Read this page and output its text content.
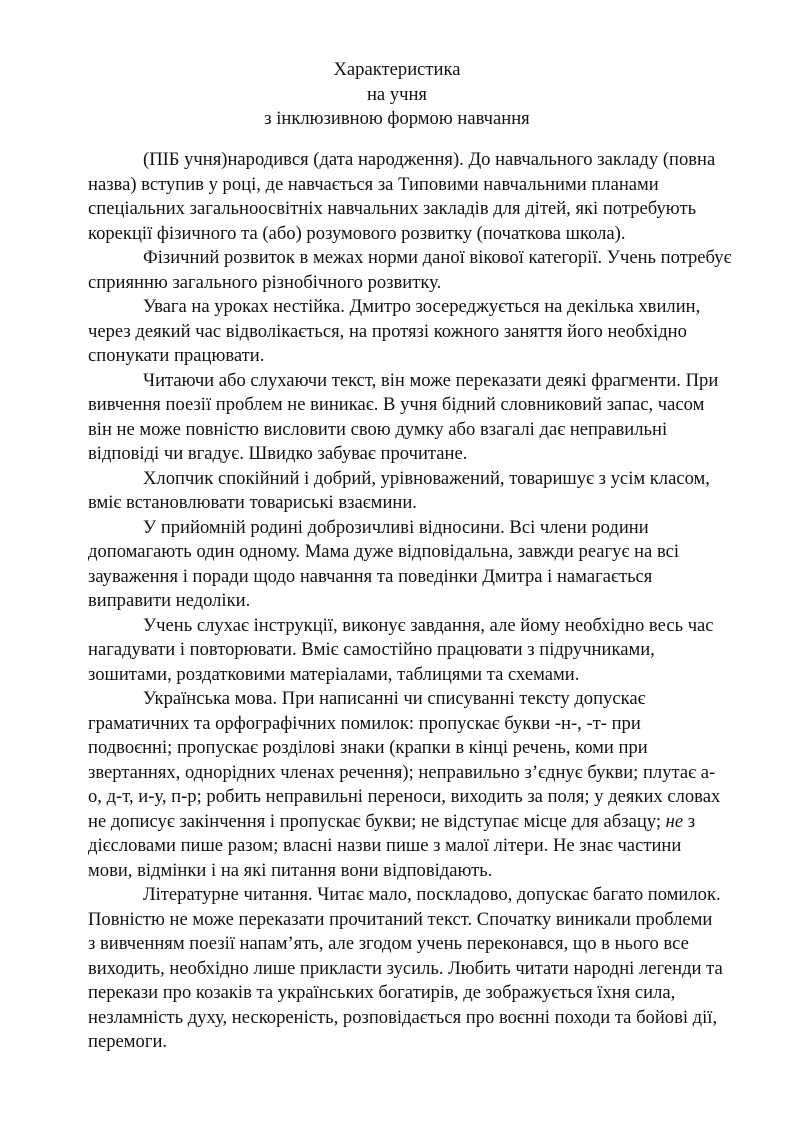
Характеристика
на учня
з інклюзивною формою навчання

(ПІБ учня)народився (дата народження). До навчального закладу (повна
назва) вступив у році, де навчається за Типовими навчальними планами
спеціальних загальноосвітніх навчальних закладів для дітей, які потребують
корекції фізичного та (або) розумового розвитку (початкова школа).

Фізичний розвиток в межах норми даної вікової категорії. Учень потребує
сприянню загального різнобічного розвитку.

Увага на уроках нестійка. Дмитро зосереджується на декілька хвилин,
через деякий час відволікається, на протязі кожного заняття його необхідно
спонукати працювати.

Читаючи або слухаючи текст, він може переказати деякі фрагменти. При
вивчення поезії проблем не виникає. В учня бідний словниковий запас, часом
він не може повністю висловити свою думку або взагалі дає неправильні
відповіді чи вгадує. Швидко забуває прочитане.

Хлопчик спокійний і добрий, урівноважений, товаришує з усім класом,
вміє встановлювати товариські взаємини.

У прийомній родині доброзичливі відносини. Всі члени родини
допомагають один одному. Мама дуже відповідальна, завжди реагує на всі
зауваження і поради щодо навчання та поведінки Дмитра і намагається
виправити недоліки.

Учень слухає інструкції, виконує завдання, але йому необхідно весь час
нагадувати і повторювати. Вміє самостійно працювати з підручниками,
зошитами, роздатковими матеріалами, таблицями та схемами.

Українська мова. При написанні чи списуванні тексту допускає
граматичних та орфографічних помилок: пропускає букви -н-, -т- при
подвоєнні; пропускає розділові знаки (крапки в кінці речень, коми при
звертаннях, однорідних членах речення); неправильно з’єднує букви; плутає а-
о, д-т, и-у, п-р; робить неправильні переноси, виходить за поля; у деяких словах
не дописує закінчення і пропускає букви; не відступає місце для абзацу; не з
дієсловами пише разом; власні назви пише з малої літери. Не знає частини
мови, відмінки і на які питання вони відповідають.

Літературне читання. Читає мало, поскладово, допускає багато помилок.
Повністю не може переказати прочитаний текст. Спочатку виникали проблеми
з вивченням поезії напам’ять, але згодом учень переконався, що в нього все
виходить, необхідно лише прикласти зусиль. Любить читати народні легенди та
перекази про козаків та українських богатирів, де зображується їхня сила,
незламність духу, нескореність, розповідається про воєнні походи та бойові дії,
перемоги.
